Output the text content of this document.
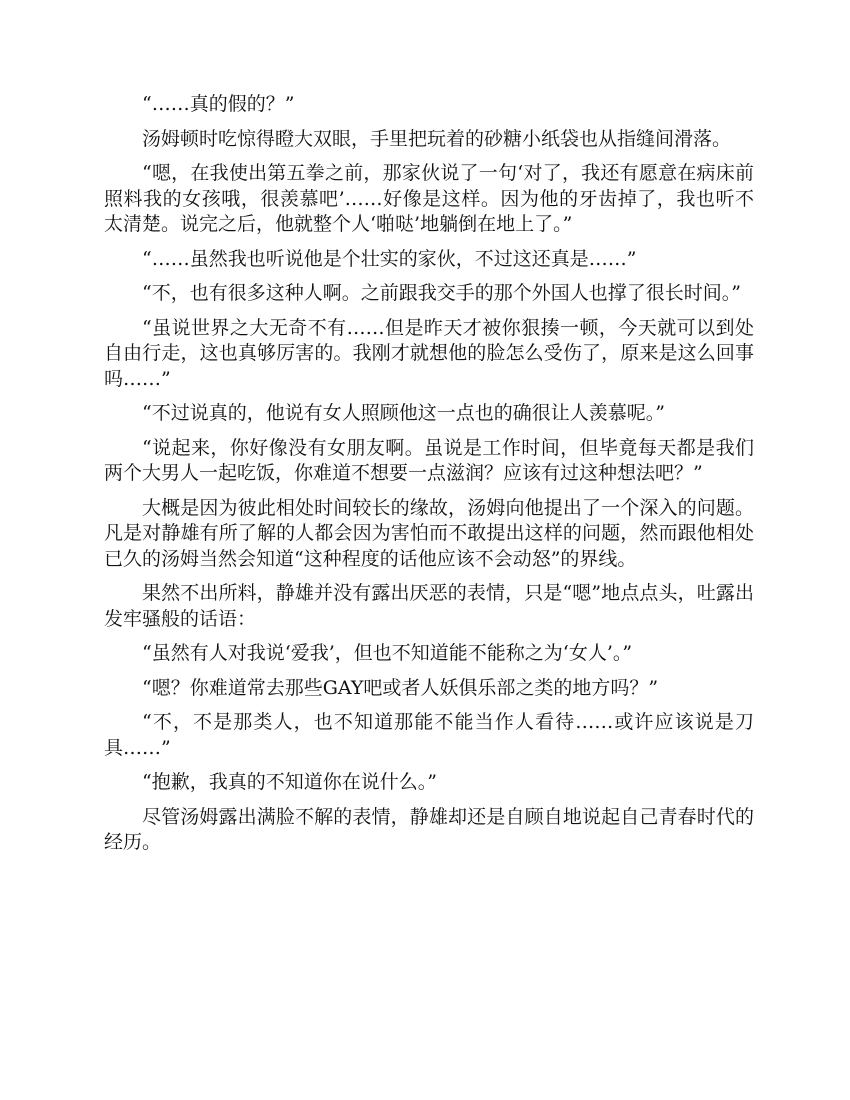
“……真的假的？”

汤姆顿时吃惊得瞪大双眼，手里把玩着的砂糖小纸袋也从指缝间滑落。

“嗯，在我使出第五拳之前，那家伙说了一句‘对了，我还有愿意在病床前照料我的女孩哦，很羡慕吧’……好像是这样。因为他的牙齿掉了，我也听不太清楚。说完之后，他就整个人‘啪哒’地躺倒在地上了。”

“……虽然我也听说他是个壮实的家伙，不过这还真是……”

“不，也有很多这种人啊。之前跟我交手的那个外国人也撑了很长时间。”

“虽说世界之大无奇不有……但是昨天才被你狠揍一顿，今天就可以到处自由行走，这也真够厉害的。我刚才就想他的脸怎么受伤了，原来是这么回事吗……”

“不过说真的，他说有女人照顾他这一点也的确很让人羡慕呢。”

“说起来，你好像没有女朋友啊。虽说是工作时间，但毕竟每天都是我们两个大男人一起吃饭，你难道不想要一点滋润？应该有过这种想法吧？”

大概是因为彼此相处时间较长的缘故，汤姆向他提出了一个深入的问题。凡是对静雄有所了解的人都会因为害怕而不敢提出这样的问题，然而跟他相处已久的汤姆当然会知道“这种程度的话他应该不会动怒”的界线。

果然不出所料，静雄并没有露出厌恶的表情，只是“嗯”地点点头，吐露出发牢骚般的话语：

“虽然有人对我说‘爱我’，但也不知道能不能称之为‘女人’。”

“嗯？你难道常去那些GAY吧或者人妖俱乐部之类的地方吗？”

“不，不是那类人，也不知道那能不能当作人看待……或许应该说是刀具……”

“抱歉，我真的不知道你在说什么。”

尽管汤姆露出满脸不解的表情，静雄却还是自顾自地说起自己青春时代的经历。
